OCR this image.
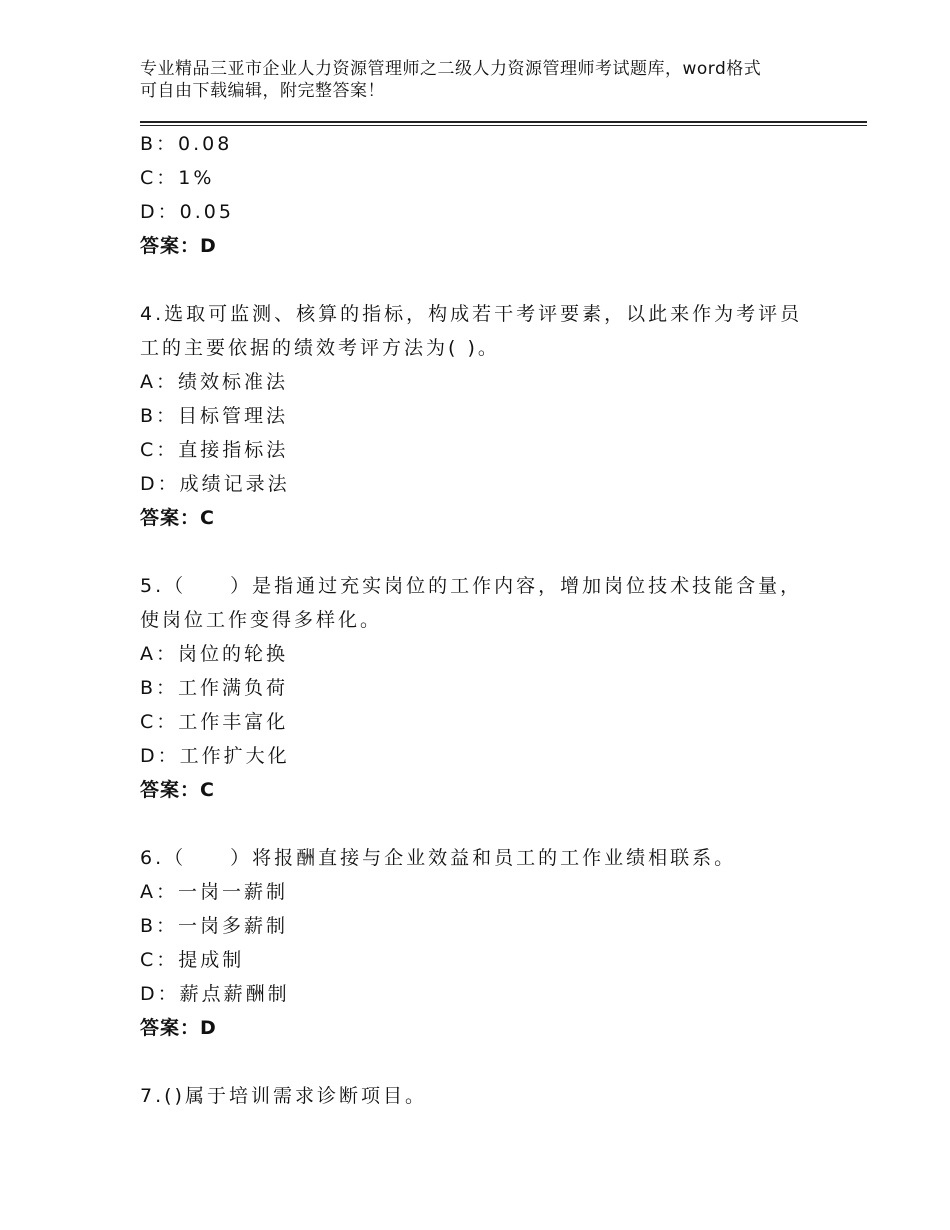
专业精品三亚市企业人力资源管理师之二级人力资源管理师考试题库，word格式
可自由下载编辑，附完整答案！
B：0.08
C：1%
D：0.05
答案：D
4.选取可监测、核算的指标，构成若干考评要素，以此来作为考评员
工的主要依据的绩效考评方法为( )。
A：绩效标准法
B：目标管理法
C：直接指标法
D：成绩记录法
答案：C
5.（　　）是指通过充实岗位的工作内容，增加岗位技术技能含量，
使岗位工作变得多样化。
A：岗位的轮换
B：工作满负荷
C：工作丰富化
D：工作扩大化
答案：C
6.（　　）将报酬直接与企业效益和员工的工作业绩相联系。
A：一岗一薪制
B：一岗多薪制
C：提成制
D：薪点薪酬制
答案：D
7.()属于培训需求诊断项目。
